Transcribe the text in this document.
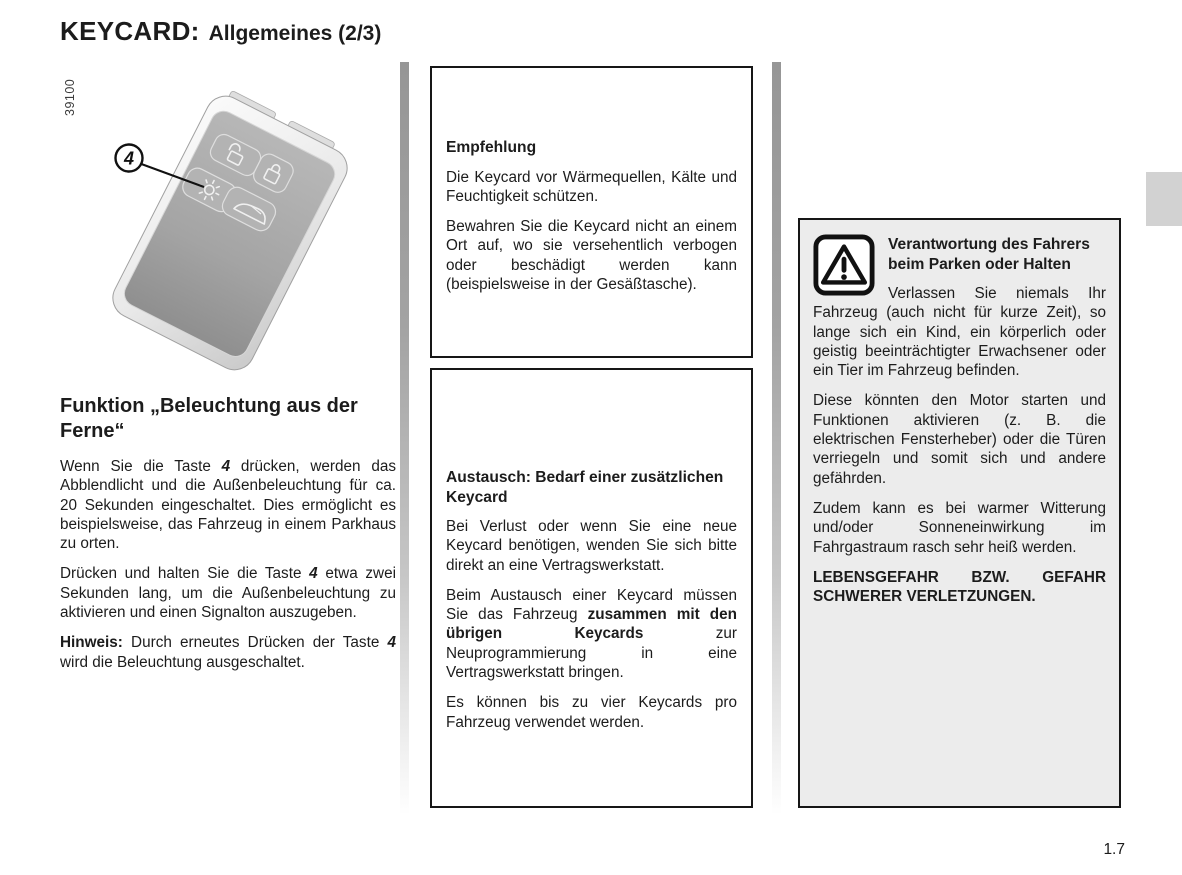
KEYCARD: Allgemeines (2/3)
39100
4
Funktion „Beleuchtung aus der Ferne“

Wenn Sie die Taste 4 drücken, werden das Abblendlicht und die Außenbeleuchtung für ca. 20 Sekunden eingeschaltet. Dies ermöglicht es beispielsweise, das Fahrzeug in einem Parkhaus zu orten.

Drücken und halten Sie die Taste 4 etwa zwei Sekunden lang, um die Außenbeleuchtung zu aktivieren und einen Signalton auszugeben.

Hinweis: Durch erneutes Drücken der Taste 4 wird die Beleuchtung ausgeschaltet.

Empfehlung

Die Keycard vor Wärmequellen, Kälte und Feuchtigkeit schützen.

Bewahren Sie die Keycard nicht an einem Ort auf, wo sie versehentlich verbogen oder beschädigt werden kann (beispielsweise in der Gesäßtasche).

Austausch: Bedarf einer zusätzlichen Keycard

Bei Verlust oder wenn Sie eine neue Keycard benötigen, wenden Sie sich bitte direkt an eine Vertragswerkstatt.

Beim Austausch einer Keycard müssen Sie das Fahrzeug zusammen mit den übrigen Keycards zur Neuprogrammierung in eine Vertragswerkstatt bringen.

Es können bis zu vier Keycards pro Fahrzeug verwendet werden.

Verantwortung des Fahrers beim Parken oder Halten

Verlassen Sie niemals Ihr Fahrzeug (auch nicht für kurze Zeit), so lange sich ein Kind, ein körperlich oder geistig beeinträchtigter Erwachsener oder ein Tier im Fahrzeug befinden.

Diese könnten den Motor starten und Funktionen aktivieren (z. B. die elektrischen Fensterheber) oder die Türen verriegeln und somit sich und andere gefährden.

Zudem kann es bei warmer Witterung und/oder Sonneneinwirkung im Fahrgastraum rasch sehr heiß werden.

LEBENSGEFAHR BZW. GEFAHR SCHWERER VERLETZUNGEN.

1.7
